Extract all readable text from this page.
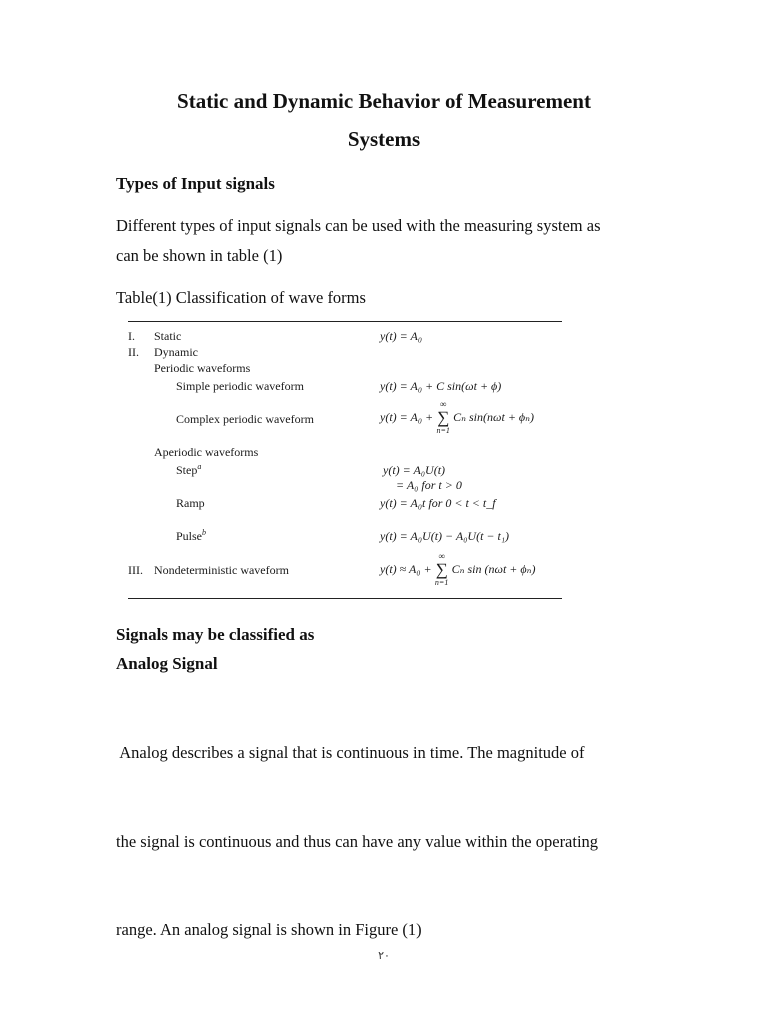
Static and Dynamic Behavior of Measurement
Systems
Types of Input signals
Different types of input signals can be used with the measuring system as
can be shown in table (1)
Table(1) Classification of wave forms
I. Static	y(t) = A₀
II. Dynamic
Periodic waveforms
Simple periodic waveform	y(t) = A₀ + C sin(ωt + ϕ)
Complex periodic waveform	y(t) = A₀ +
∞
∑
n=1
Cₙ sin(nωt + ϕₙ)
Aperiodic waveforms
Step$^a$	y(t) = A₀U(t)
= A₀ for t > 0
Ramp	y(t) = A₀t for 0 < t < t_f
Pulse$^b$	y(t) = A₀U(t) − A₀U(t − t₁)
III. Nondeterministic waveform	y(t) ≈ A₀ +
∞
∑
n=1
Cₙ sin (nωt + ϕₙ)
Signals may be classified as
Analog Signal

Analog describes a signal that is continuous in time. The magnitude of

the signal is continuous and thus can have any value within the operating

range. An analog signal is shown in Figure (1)

٢٠
